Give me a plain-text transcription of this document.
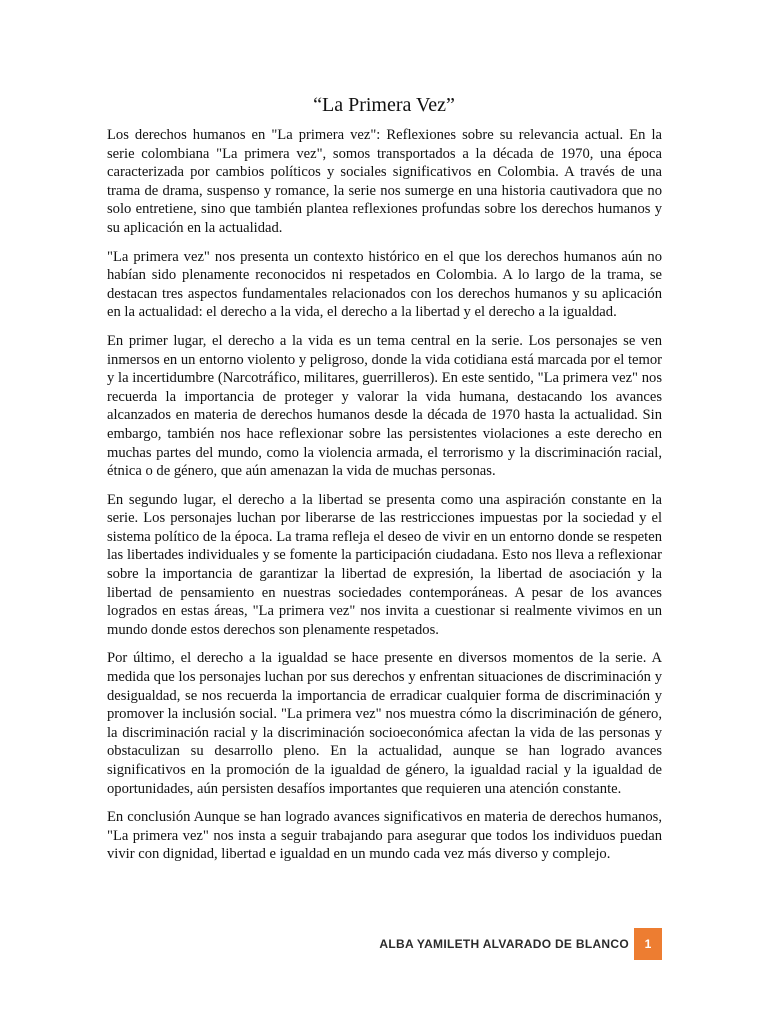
“La Primera Vez”

Los derechos humanos en "La primera vez": Reflexiones sobre su relevancia actual. En la serie colombiana "La primera vez", somos transportados a la década de 1970, una época caracterizada por cambios políticos y sociales significativos en Colombia. A través de una trama de drama, suspenso y romance, la serie nos sumerge en una historia cautivadora que no solo entretiene, sino que también plantea reflexiones profundas sobre los derechos humanos y su aplicación en la actualidad.

"La primera vez" nos presenta un contexto histórico en el que los derechos humanos aún no habían sido plenamente reconocidos ni respetados en Colombia. A lo largo de la trama, se destacan tres aspectos fundamentales relacionados con los derechos humanos y su aplicación en la actualidad: el derecho a la vida, el derecho a la libertad y el derecho a la igualdad.

En primer lugar, el derecho a la vida es un tema central en la serie. Los personajes se ven inmersos en un entorno violento y peligroso, donde la vida cotidiana está marcada por el temor y la incertidumbre (Narcotráfico, militares, guerrilleros). En este sentido, "La primera vez" nos recuerda la importancia de proteger y valorar la vida humana, destacando los avances alcanzados en materia de derechos humanos desde la década de 1970 hasta la actualidad. Sin embargo, también nos hace reflexionar sobre las persistentes violaciones a este derecho en muchas partes del mundo, como la violencia armada, el terrorismo y la discriminación racial, étnica o de género, que aún amenazan la vida de muchas personas.

En segundo lugar, el derecho a la libertad se presenta como una aspiración constante en la serie. Los personajes luchan por liberarse de las restricciones impuestas por la sociedad y el sistema político de la época. La trama refleja el deseo de vivir en un entorno donde se respeten las libertades individuales y se fomente la participación ciudadana. Esto nos lleva a reflexionar sobre la importancia de garantizar la libertad de expresión, la libertad de asociación y la libertad de pensamiento en nuestras sociedades contemporáneas. A pesar de los avances logrados en estas áreas, "La primera vez" nos invita a cuestionar si realmente vivimos en un mundo donde estos derechos son plenamente respetados.

Por último, el derecho a la igualdad se hace presente en diversos momentos de la serie. A medida que los personajes luchan por sus derechos y enfrentan situaciones de discriminación y desigualdad, se nos recuerda la importancia de erradicar cualquier forma de discriminación y promover la inclusión social. "La primera vez" nos muestra cómo la discriminación de género, la discriminación racial y la discriminación socioeconómica afectan la vida de las personas y obstaculizan su desarrollo pleno. En la actualidad, aunque se han logrado avances significativos en la promoción de la igualdad de género, la igualdad racial y la igualdad de oportunidades, aún persisten desafíos importantes que requieren una atención constante.

En conclusión Aunque se han logrado avances significativos en materia de derechos humanos, "La primera vez" nos insta a seguir trabajando para asegurar que todos los individuos puedan vivir con dignidad, libertad e igualdad en un mundo cada vez más diverso y complejo.

ALBA YAMILETH ALVARADO DE BLANCO	1
